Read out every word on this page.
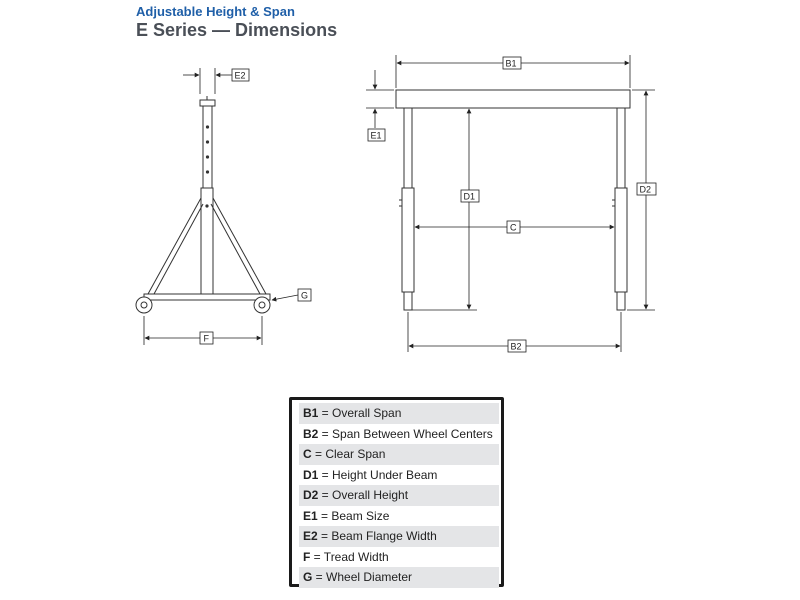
Adjustable Height & Span
E Series — Dimensions
E2
G
F
B1
E1
D1
C
D2
B2
B1 = Overall Span
B2 = Span Between Wheel Centers
C = Clear Span
D1 = Height Under Beam
D2 = Overall Height
E1 = Beam Size
E2 = Beam Flange Width
F = Tread Width
G = Wheel Diameter
